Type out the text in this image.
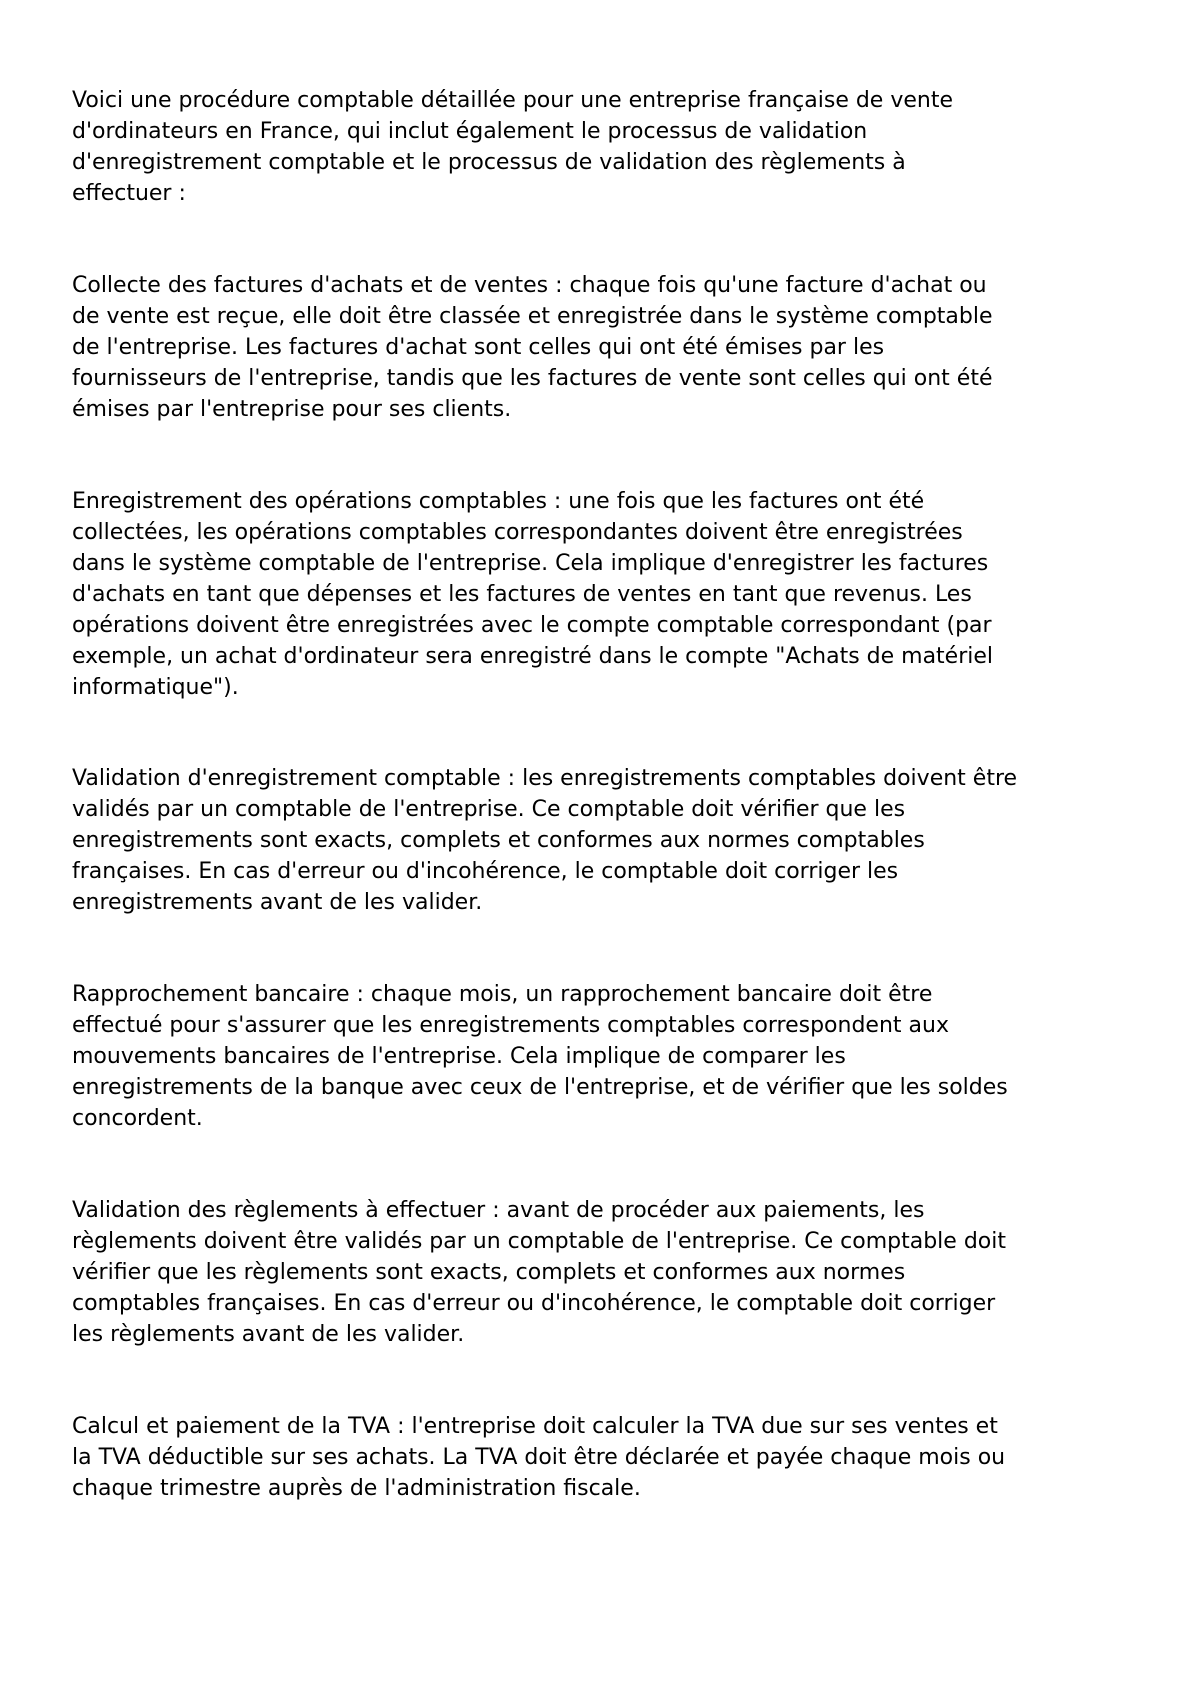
Voici une procédure comptable détaillée pour une entreprise française de vente
d'ordinateurs en France, qui inclut également le processus de validation
d'enregistrement comptable et le processus de validation des règlements à
effectuer :

Collecte des factures d'achats et de ventes : chaque fois qu'une facture d'achat ou
de vente est reçue, elle doit être classée et enregistrée dans le système comptable
de l'entreprise. Les factures d'achat sont celles qui ont été émises par les
fournisseurs de l'entreprise, tandis que les factures de vente sont celles qui ont été
émises par l'entreprise pour ses clients.

Enregistrement des opérations comptables : une fois que les factures ont été
collectées, les opérations comptables correspondantes doivent être enregistrées
dans le système comptable de l'entreprise. Cela implique d'enregistrer les factures
d'achats en tant que dépenses et les factures de ventes en tant que revenus. Les
opérations doivent être enregistrées avec le compte comptable correspondant (par
exemple, un achat d'ordinateur sera enregistré dans le compte "Achats de matériel
informatique").

Validation d'enregistrement comptable : les enregistrements comptables doivent être
validés par un comptable de l'entreprise. Ce comptable doit vérifier que les
enregistrements sont exacts, complets et conformes aux normes comptables
françaises. En cas d'erreur ou d'incohérence, le comptable doit corriger les
enregistrements avant de les valider.

Rapprochement bancaire : chaque mois, un rapprochement bancaire doit être
effectué pour s'assurer que les enregistrements comptables correspondent aux
mouvements bancaires de l'entreprise. Cela implique de comparer les
enregistrements de la banque avec ceux de l'entreprise, et de vérifier que les soldes
concordent.

Validation des règlements à effectuer : avant de procéder aux paiements, les
règlements doivent être validés par un comptable de l'entreprise. Ce comptable doit
vérifier que les règlements sont exacts, complets et conformes aux normes
comptables françaises. En cas d'erreur ou d'incohérence, le comptable doit corriger
les règlements avant de les valider.

Calcul et paiement de la TVA : l'entreprise doit calculer la TVA due sur ses ventes et
la TVA déductible sur ses achats. La TVA doit être déclarée et payée chaque mois ou
chaque trimestre auprès de l'administration fiscale.
